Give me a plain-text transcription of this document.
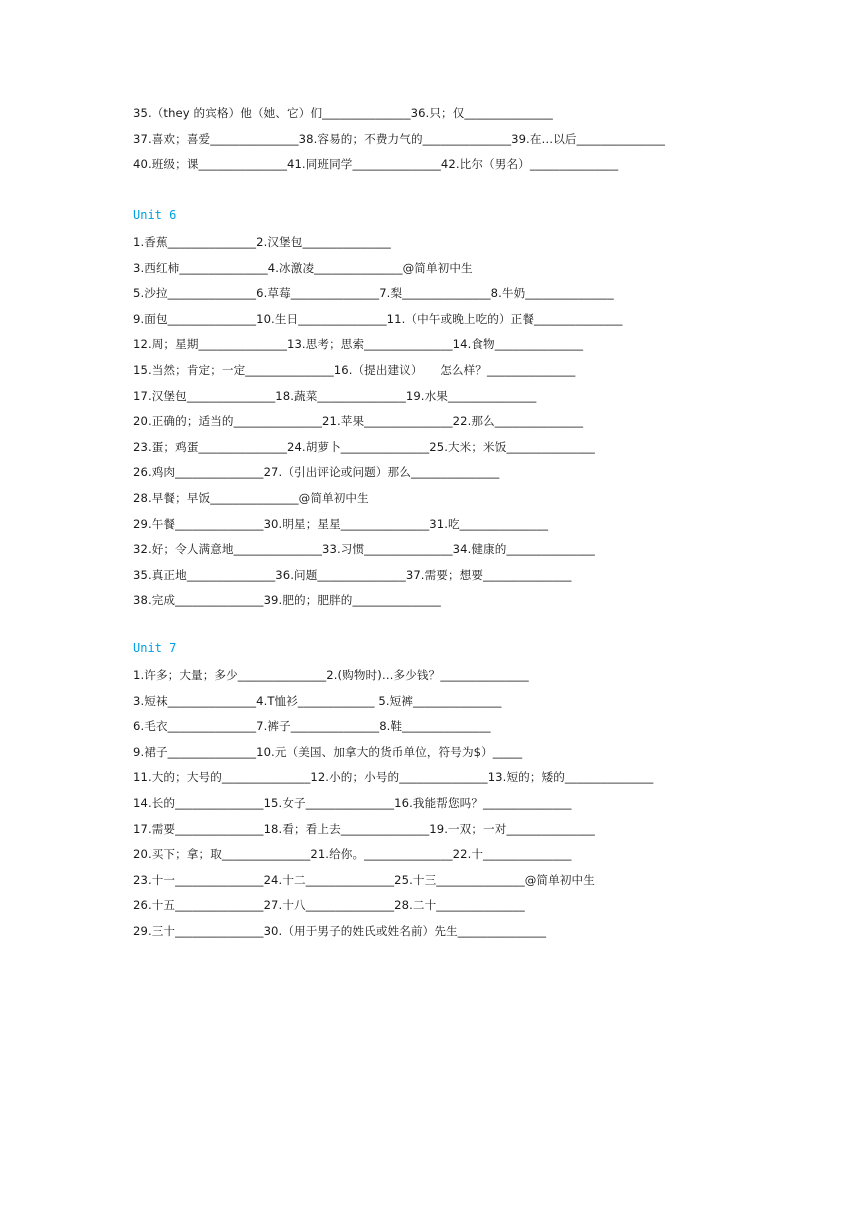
35.（they 的宾格）他（她、它）们_______________36.只；仅_______________
37.喜欢；喜爱_______________38.容易的；不费力气的_______________39.在…以后_______________
40.班级；课_______________41.同班同学_______________42.比尔（男名）_______________
Unit 6
1.香蕉_______________2.汉堡包_______________
3.西红柿_______________4.冰激凌_______________@简单初中生
5.沙拉_______________6.草莓_______________7.梨_______________8.牛奶_______________
9.面包_______________10.生日_______________11.（中午或晚上吃的）正餐_______________
12.周；星期_______________13.思考；思索_______________14.食物_______________
15.当然；肯定；一定_______________16.（提出建议）　　怎么样？_______________
17.汉堡包_______________18.蔬菜_______________19.水果_______________
20.正确的；适当的_______________21.苹果_______________22.那么_______________
23.蛋；鸡蛋_______________24.胡萝卜_______________25.大米；米饭_______________
26.鸡肉_______________27.（引出评论或问题）那么_______________
28.早餐；早饭_______________@简单初中生
29.午餐_______________30.明星；星星_______________31.吃_______________
32.好；令人满意地_______________33.习惯_______________34.健康的_______________
35.真正地_______________36.问题_______________37.需要；想要_______________
38.完成_______________39.肥的；肥胖的_______________
Unit 7
1.许多；大量；多少_______________2.(购物时)…多少钱？_______________
3.短袜_______________4.T恤衫_____________ 5.短裤_______________
6.毛衣_______________7.裤子_______________8.鞋_______________
9.裙子_______________10.元（美国、加拿大的货币单位，符号为$）_____
11.大的；大号的_______________12.小的；小号的_______________13.短的；矮的_______________
14.长的_______________15.女子_______________16.我能帮您吗？_______________
17.需要_______________18.看；看上去_______________19.一双；一对_______________
20.买下；拿；取_______________21.给你。_______________22.十_______________
23.十一_______________24.十二_______________25.十三_______________@简单初中生
26.十五_______________27.十八_______________28.二十_______________
29.三十_______________30.（用于男子的姓氏或姓名前）先生_______________
